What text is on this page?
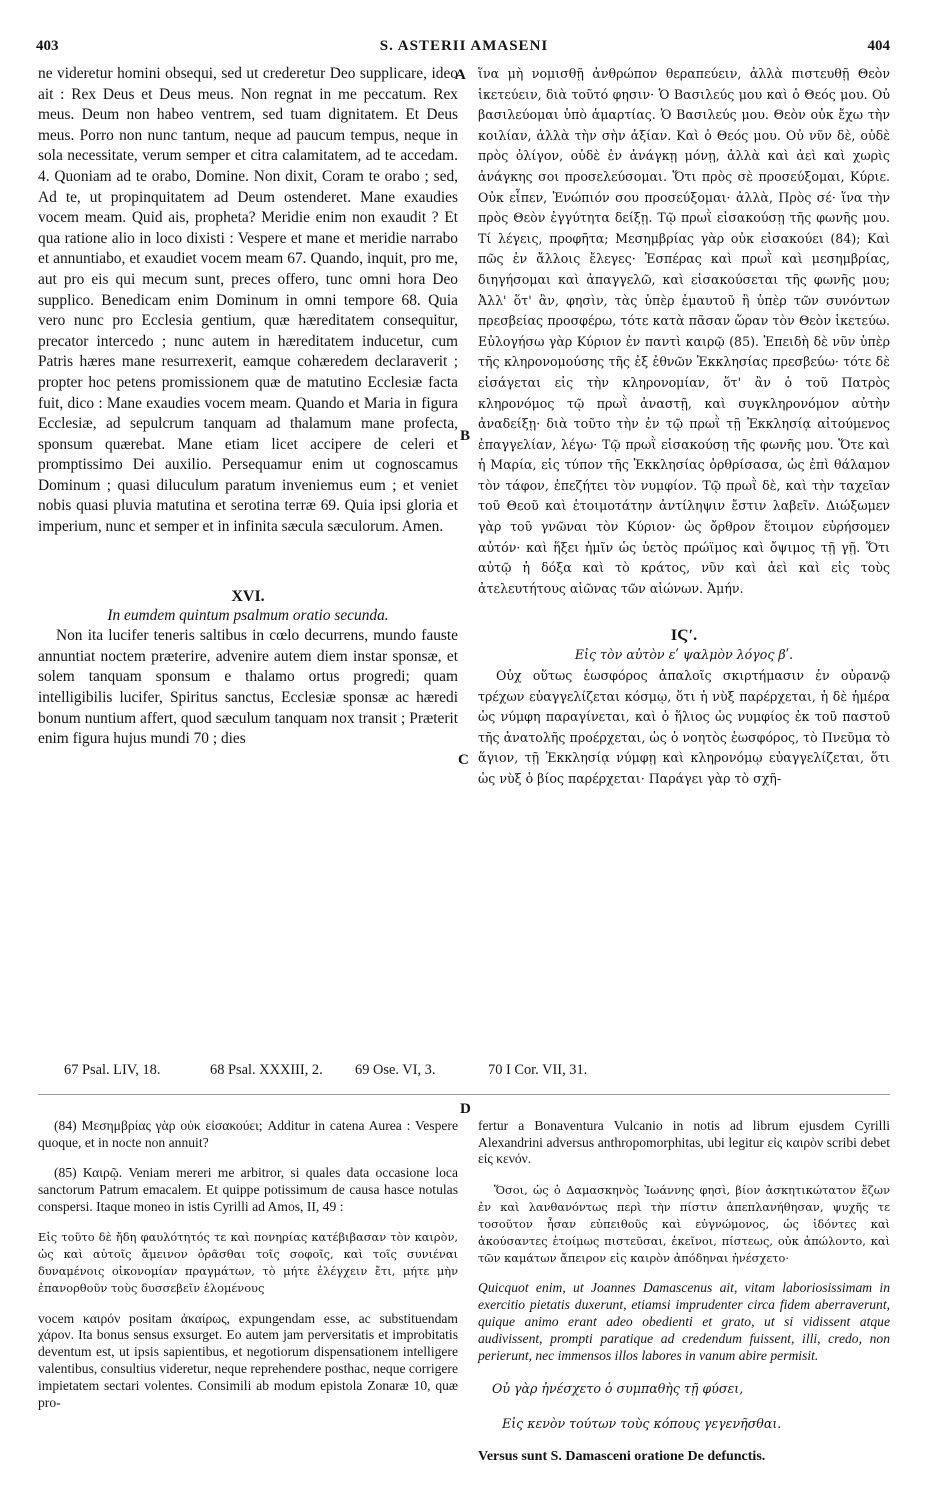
403	S. ASTERII AMASENI	404
A
B
C
D

ne videretur homini obsequi, sed ut crederetur Deo supplicare, ideo ait : Rex Deus et Deus meus. Non regnat in me peccatum. Rex meus. Deum non habeo ventrem, sed tuam dignitatem. Et Deus meus. Porro non nunc tantum, neque ad paucum tempus, neque in sola necessitate, verum semper et citra calamitatem, ad te accedam. 4. Quoniam ad te orabo, Domine. Non dixit, Coram te orabo ; sed, Ad te, ut propinquitatem ad Deum ostenderet. Mane exaudies vocem meam. Quid ais, propheta? Meridie enim non exaudit ? Et qua ratione alio in loco dixisti : Vespere et mane et meridie narrabo et annuntiabo, et exaudiet vocem meam 67. Quando, inquit, pro me, aut pro eis qui mecum sunt, preces offero, tunc omni hora Deo supplico. Benedicam enim Dominum in omni tempore 68. Quia vero nunc pro Ecclesia gentium, quæ hæreditatem consequitur, precator intercedo ; nunc autem in hæreditatem inducetur, cum Patris hæres mane resurrexerit, eamque cohæredem declaraverit ; propter hoc petens promissionem quæ de matutino Ecclesiæ facta fuit, dico : Mane exaudies vocem meam. Quando et Maria in figura Ecclesiæ, ad sepulcrum tanquam ad thalamum mane profecta, sponsum quærebat. Mane etiam licet accipere de celeri et promptissimo Dei auxilio. Persequamur enim ut cognoscamus Dominum ; quasi diluculum paratum inveniemus eum ; et veniet nobis quasi pluvia matutina et serotina terræ 69. Quia ipsi gloria et imperium, nunc et semper et in infinita sæcula sæculorum. Amen.

XVI.

In eumdem quintum psalmum oratio secunda.

Non ita lucifer teneris saltibus in cœlo decurrens, mundo fauste annuntiat noctem præterire, advenire autem diem instar sponsæ, et solem tanquam sponsum e thalamo ortus progredi; quam intelligibilis lucifer, Spiritus sanctus, Ecclesiæ sponsæ ac hæredi bonum nuntium affert, quod sæculum tanquam nox transit ; Præterit enim figura hujus mundi 70 ; dies

ἵνα μὴ νομισθῇ ἀνθρώπον θεραπεύειν, ἀλλὰ πιστευθῇ Θεὸν ἱκετεύειν, διὰ τοῦτό φησιν· Ὁ Βασιλεύς μου καὶ ὁ Θεός μου. Οὐ βασιλεύομαι ὑπὸ ἁμαρτίας. Ὁ Βασιλεύς μου. Θεὸν οὐκ ἔχω τὴν κοιλίαν, ἀλλὰ τὴν σὴν ἀξίαν. Καὶ ὁ Θεός μου. Οὐ νῦν δὲ, οὐδὲ πρὸς ὀλίγον, οὐδὲ ἐν ἀνάγκῃ μόνῃ, ἀλλὰ καὶ ἀεὶ καὶ χωρὶς ἀνάγκης σοι προσελεύσομαι. Ὅτι πρὸς σὲ προσεύξομαι, Κύριε. Οὐκ εἶπεν, Ἐνώπιόν σου προσεύξομαι· ἀλλὰ, Πρὸς σέ· ἵνα τὴν πρὸς Θεὸν ἐγγύτητα δείξῃ. Τῷ πρωῒ εἰσακούσῃ τῆς φωνῆς μου. Τί λέγεις, προφῆτα; Μεσημβρίας γὰρ οὐκ εἰσακούει (84); Καὶ πῶς ἐν ἄλλοις ἔλεγες· Ἑσπέρας καὶ πρωῒ καὶ μεσημβρίας, διηγήσομαι καὶ ἀπαγγελῶ, καὶ εἰσακούσεται τῆς φωνῆς μου; Ἀλλ' ὅτ' ἂν, φησὶν, τὰς ὑπὲρ ἐμαυτοῦ ἢ ὑπὲρ τῶν συνόντων πρεσβείας προσφέρω, τότε κατὰ πᾶσαν ὥραν τὸν Θεὸν ἱκετεύω. Εὐλογήσω γὰρ Κύριον ἐν παντὶ καιρῷ (85). Ἐπειδὴ δὲ νῦν ὑπὲρ τῆς κληρονομούσης τῆς ἐξ ἐθνῶν Ἐκκλησίας πρεσβεύω· τότε δὲ εἰσάγεται εἰς τὴν κληρονομίαν, ὅτ' ἂν ὁ τοῦ Πατρὸς κληρονόμος τῷ πρωῒ ἀναστῇ, καὶ συγκληρονόμον αὐτὴν ἀναδείξῃ· διὰ τοῦτο τὴν ἐν τῷ πρωῒ τῇ Ἐκκλησίᾳ αἰτούμενος ἐπαγγελίαν, λέγω· Τῷ πρωῒ εἰσακούσῃ τῆς φωνῆς μου. Ὅτε καὶ ἡ Μαρία, εἰς τύπον τῆς Ἐκκλησίας ὀρθρίσασα, ὡς ἐπὶ θάλαμον τὸν τάφον, ἐπεζήτει τὸν νυμφίον. Τῷ πρωῒ δὲ, καὶ τὴν ταχεῖαν τοῦ Θεοῦ καὶ ἑτοιμοτάτην ἀντίληψιν ἔστιν λαβεῖν. Διώξωμεν γὰρ τοῦ γνῶναι τὸν Κύριον· ὡς ὄρθρον ἕτοιμον εὑρήσομεν αὐτόν· καὶ ἥξει ἡμῖν ὡς ὑετὸς πρώϊμος καὶ ὄψιμος τῇ γῇ. Ὅτι αὐτῷ ἡ δόξα καὶ τὸ κράτος, νῦν καὶ ἀεὶ καὶ εἰς τοὺς ἀτελευτήτους αἰῶνας τῶν αἰώνων. Ἀμήν.

ΙϚʹ.

Εἰς τὸν αὐτὸν εʹ ψαλμὸν λόγος βʹ.

Οὐχ οὕτως ἑωσφόρος ἁπαλοῖς σκιρτήμασιν ἐν οὐρανῷ τρέχων εὐαγγελίζεται κόσμῳ, ὅτι ἡ νὺξ παρέρχεται, ἡ δὲ ἡμέρα ὡς νύμφη παραγίνεται, καὶ ὁ ἥλιος ὡς νυμφίος ἐκ τοῦ παστοῦ τῆς ἀνατολῆς προέρχεται, ὡς ὁ νοητὸς ἑωσφόρος, τὸ Πνεῦμα τὸ ἅγιον, τῇ Ἐκκλησίᾳ νύμφῃ καὶ κληρονόμῳ εὐαγγελίζεται, ὅτι ὡς νὺξ ὁ βίος παρέρχεται· Παράγει γὰρ τὸ σχῆ-

67 Psal. LIV, 18.	68 Psal. XXXIII, 2. 69 Ose. VI, 3.	70 I Cor. VII, 31.

(84) Μεσημβρίας γὰρ οὐκ εἰσακούει; Additur in catena Aurea : Vespere quoque, et in nocte non annuit?

(85) Καιρῷ. Veniam mereri me arbitror, si quales data occasione loca sanctorum Patrum emacalem. Et quippe potissimum de causa hasce notulas conspersi. Itaque moneo in istis Cyrilli ad Amos, II, 49 :

Εἰς τοῦτο δὲ ἤδη φαυλότητός τε καὶ πονηρίας κατέβιβασαν τὸν καιρὸν, ὡς καὶ αὐτοῖς ἄμεινον ὁρᾶσθαι τοῖς σοφοῖς, καὶ τοῖς συνιέναι δυναμένοις οἰκονομίαν πραγμάτων, τὸ μήτε ἐλέγχειν ἔτι, μήτε μὴν ἐπανορθοῦν τοὺς δυσσεβεῖν ἑλομένους

vocem καιρόν positam ἀκαίρως, expungendam esse, ac substituendam χάρον. Ita bonus sensus exsurget. Eo autem jam perversitatis et improbitatis deventum est, ut ipsis sapientibus, et negotiorum dispensationem intelligere valentibus, consultius videretur, neque reprehendere posthac, neque corrigere impietatem sectari volentes. Consimili ab modum epistola Zonaræ 10, quæ pro-

fertur a Bonaventura Vulcanio in notis ad librum ejusdem Cyrilli Alexandrini adversus anthropomorphitas, ubi legitur εἰς καιρὸν scribi debet εἰς κενόν.

Ὅσοι, ὡς ὁ Δαμασκηνὸς Ἰωάννης φησὶ, βίον ἀσκητικώτατον ἔζων ἐν καὶ λανθανόντως περὶ τὴν πίστιν ἀπεπλανήθησαν, ψυχῆς τε τοσοῦτον ἦσαν εὐπειθοῦς καὶ εὐγνώμονος, ὡς ἰδόντες καὶ ἀκούσαντες ἑτοίμως πιστεῦσαι, ἐκεῖνοι, πίστεως, οὐκ ἀπώλοντο, καὶ τῶν καμάτων ἄπειρον εἰς καιρὸν ἀπόδηναι ἠνέσχετο·

Quicquot enim, ut Joannes Damascenus ait, vitam laboriosissimam in exercitio pietatis duxerunt, etiamsi imprudenter circa fidem aberraverunt, quique animo erant adeo obedienti et grato, ut si vidissent atque audivissent, prompti paratique ad credendum fuissent, illi, credo, non perierunt, nec immensos illos labores in vanum abire permisit.

Οὐ γὰρ ἠνέσχετο ὁ συμπαθὴς τῇ φύσει,

Εἰς κενὸν τούτων τοὺς κόπους γεγενῆσθαι.

Versus sunt S. Damasceni oratione De defunctis.
